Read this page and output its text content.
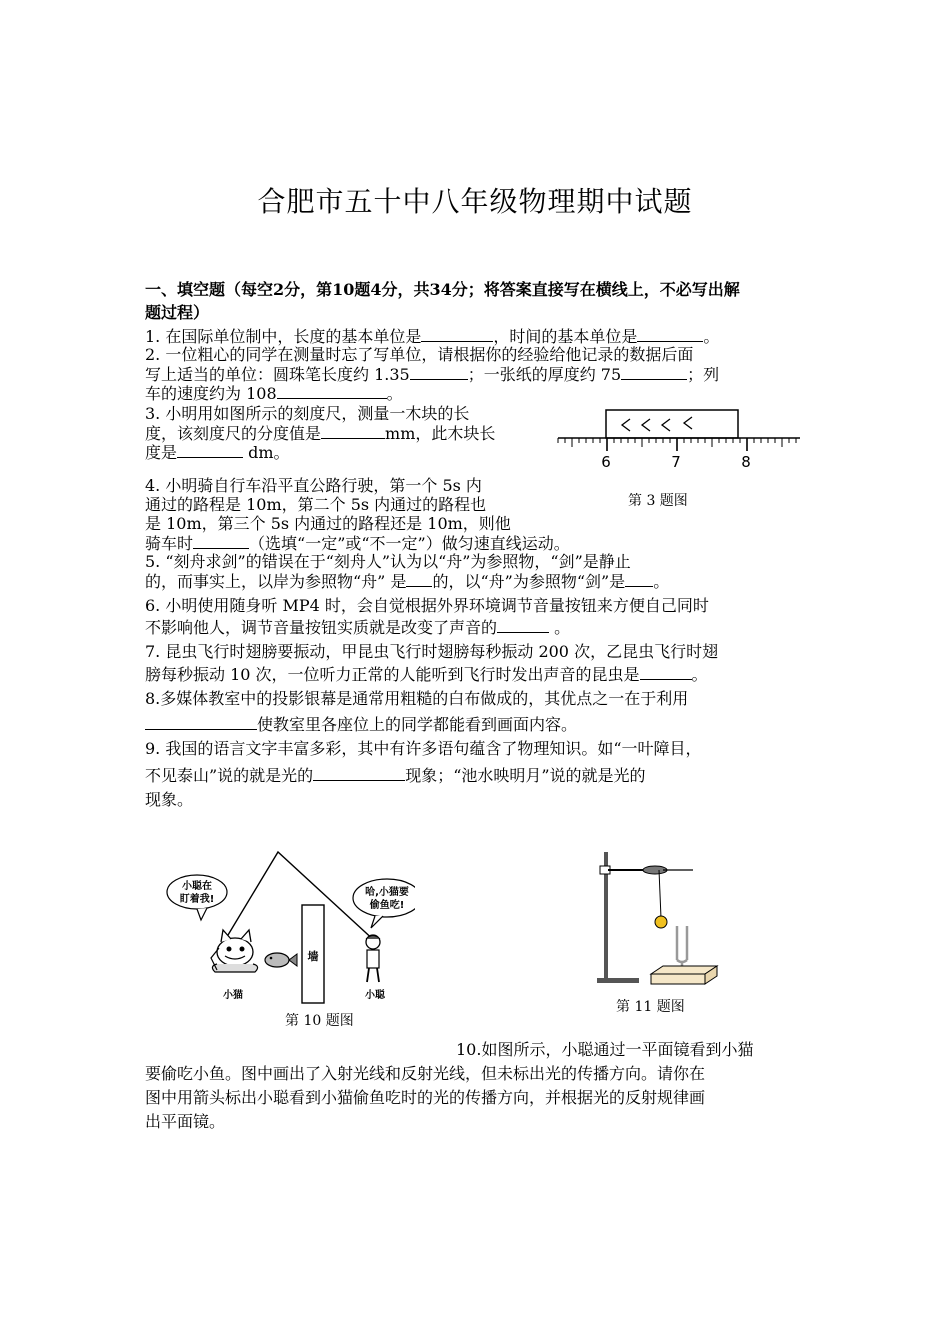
合肥市五十中八年级物理期中试题
一、填空题（每空2分，第10题4分，共34分；将答案直接写在横线上，不必写出解
题过程）
1. 在国际单位制中，长度的基本单位是	，时间的基本单位是	。
2. 一位粗心的同学在测量时忘了写单位，请根据你的经验给他记录的数据后面
写上适当的单位：圆珠笔长度约 1.35	；一张纸的厚度约 75	；列
车的速度约为 108	。
3. 小明用如图所示的刻度尺，测量一木块的长
度，该刻度尺的分度值是	mm，此木块长
度是	dm。	6	7	8
第 3 题图
4. 小明骑自行车沿平直公路行驶，第一个 5s 内
通过的路程是 10m，第二个 5s 内通过的路程也
是 10m，第三个 5s 内通过的路程还是 10m，则他
骑车时	（选填“一定”或“不一定”）做匀速直线运动。
5. “刻舟求剑”的错误在于“刻舟人”认为以“舟”为参照物，“剑”是静止
的，而事实上，以岸为参照物“舟” 是 的，以“舟”为参照物“剑”是 。
6. 小明使用随身听 MP4 时，会自觉根据外界环境调节音量按钮来方便自己同时
不影响他人，调节音量按钮实质就是改变了声音的	。
7. 昆虫飞行时翅膀要振动，甲昆虫飞行时翅膀每秒振动 200 次，乙昆虫飞行时翅
膀每秒振动 10 次，一位听力正常的人能听到飞行时发出声音的昆虫是	。
8.多媒体教室中的投影银幕是通常用粗糙的白布做成的，其优点之一在于利用
使教室里各座位上的同学都能看到画面内容。
9. 我国的语言文字丰富多彩，其中有许多语句蕴含了物理知识。如“一叶障目，
不见泰山”说的就是光的	现象；“池水映明月”说的就是光的
现象。
小聪在
盯着我!
哈,小猫要
偷鱼吃!
墙
小猫	小聪
第 10 题图
第 11 题图
10.如图所示，小聪通过一平面镜看到小猫
要偷吃小鱼。图中画出了入射光线和反射光线，但未标出光的传播方向。请你在
图中用箭头标出小聪看到小猫偷鱼吃时的光的传播方向，并根据光的反射规律画
出平面镜。
